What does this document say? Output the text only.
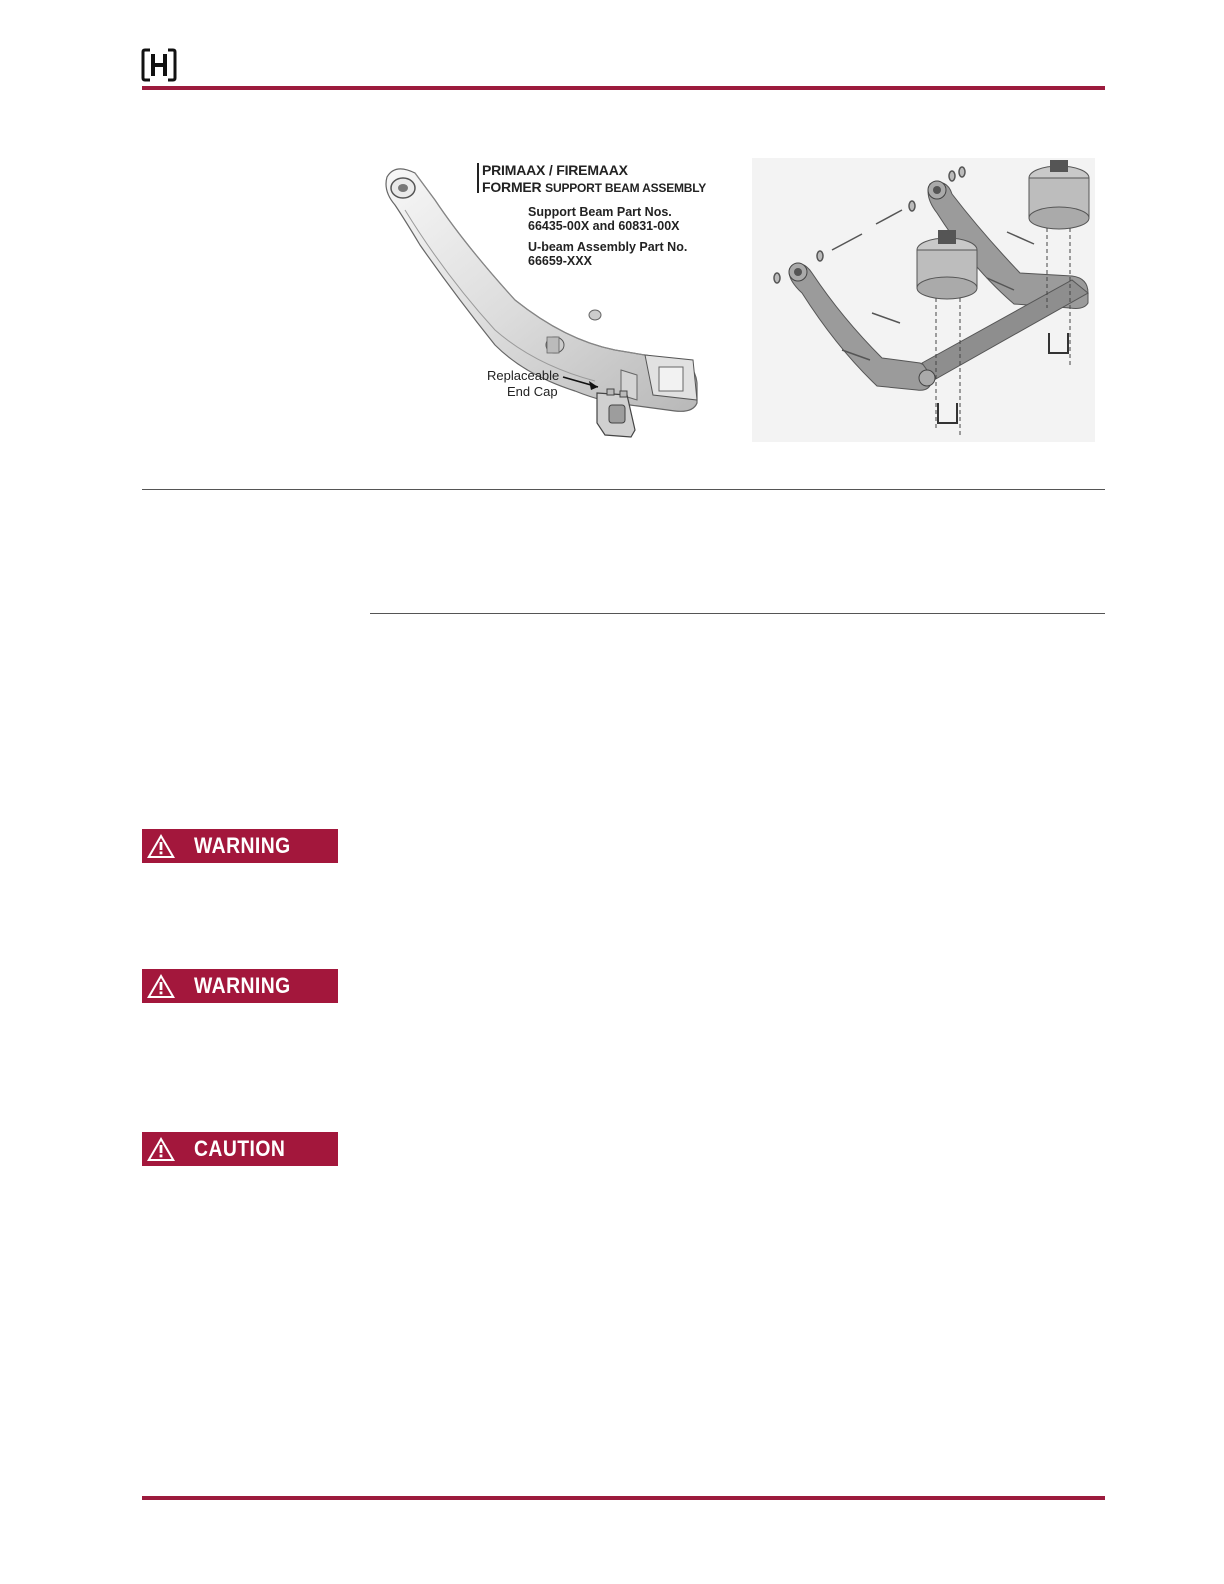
PRIMAAX / FIREMAAX
FORMER SUPPORT BEAM ASSEMBLY
Support Beam Part Nos.
66435-00X and 60831-00X
U-beam Assembly Part No.
66659-XXX
Replaceable
End Cap
WARNING
WARNING
CAUTION
